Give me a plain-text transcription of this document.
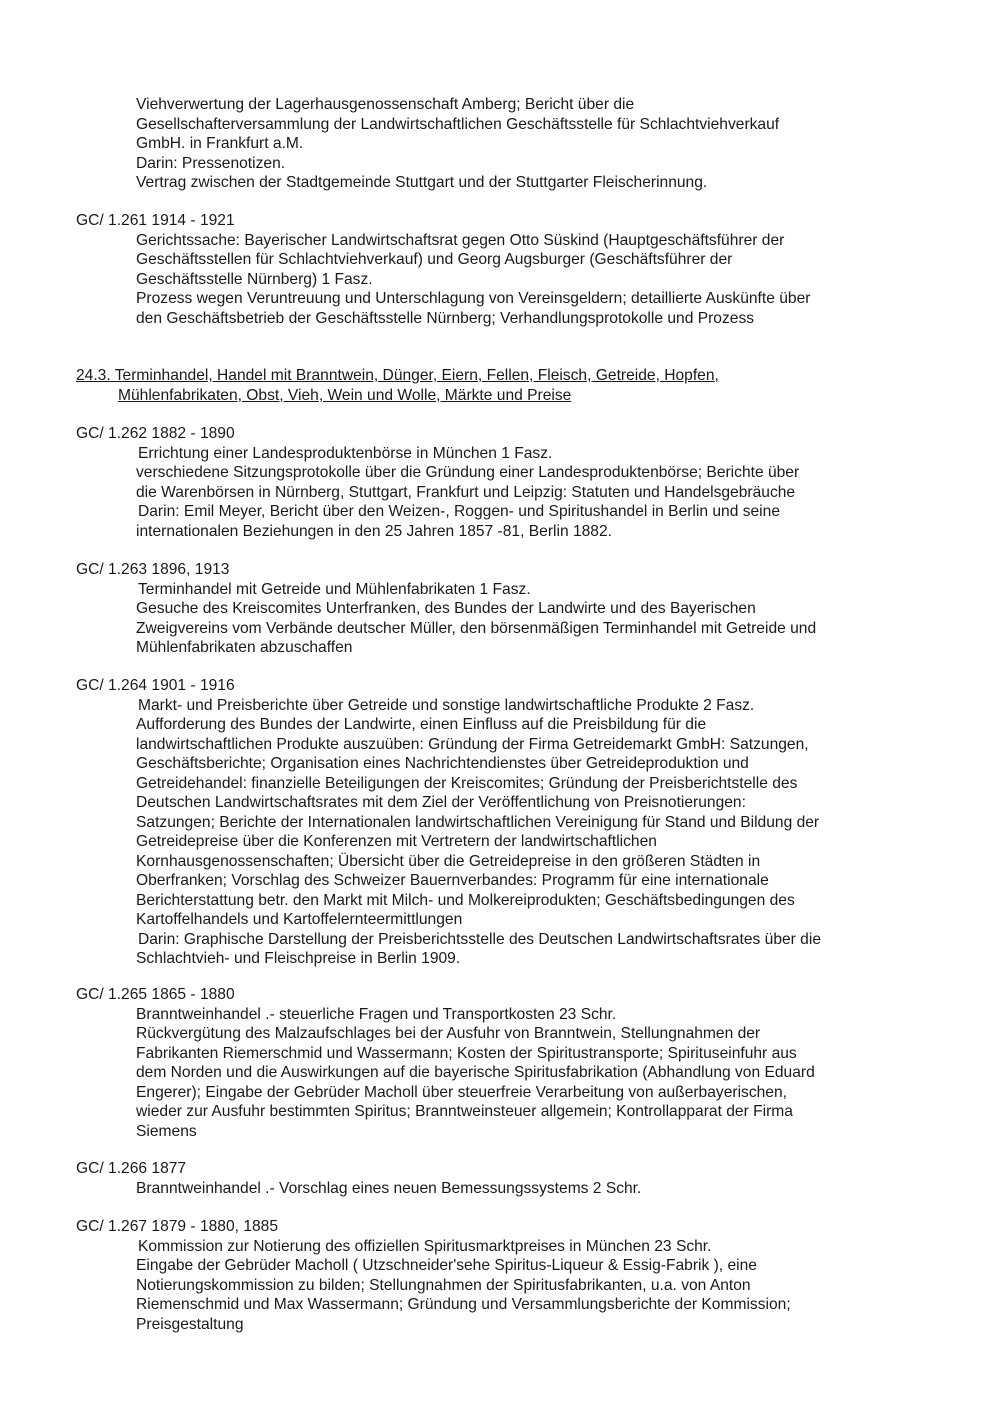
Viehverwertung der Lagerhausgenossenschaft Amberg; Bericht über die
Gesellschafterversammlung der Landwirtschaftlichen Geschäftsstelle für Schlachtviehverkauf
GmbH. in Frankfurt a.M.
Darin: Pressenotizen.
Vertrag zwischen der Stadtgemeinde Stuttgart und der Stuttgarter Fleischerinnung.
GC/ 1.261 1914 - 1921
Gerichtssache: Bayerischer Landwirtschaftsrat gegen Otto Süskind (Hauptgeschäftsführer der
Geschäftsstellen für Schlachtviehverkauf) und Georg Augsburger (Geschäftsführer der
Geschäftsstelle Nürnberg) 1 Fasz.
Prozess wegen Veruntreuung und Unterschlagung von Vereinsgeldern; detaillierte Auskünfte über
den Geschäftsbetrieb der Geschäftsstelle Nürnberg; Verhandlungsprotokolle und Prozess
24.3. Terminhandel, Handel mit Branntwein, Dünger, Eiern, Fellen, Fleisch, Getreide, Hopfen,
Mühlenfabrikaten, Obst, Vieh, Wein und Wolle, Märkte und Preise
GC/ 1.262 1882 - 1890
Errichtung einer Landesproduktenbörse in München 1 Fasz.
verschiedene Sitzungsprotokolle über die Gründung einer Landesproduktenbörse; Berichte über
die Warenbörsen in Nürnberg, Stuttgart, Frankfurt und Leipzig: Statuten und Handelsgebräuche
Darin: Emil Meyer, Bericht über den Weizen-, Roggen- und Spiritushandel in Berlin und seine
internationalen Beziehungen in den 25 Jahren 1857 -81, Berlin 1882.
GC/ 1.263 1896, 1913
Terminhandel mit Getreide und Mühlenfabrikaten 1 Fasz.
Gesuche des Kreiscomites Unterfranken, des Bundes der Landwirte und des Bayerischen
Zweigvereins vom Verbände deutscher Müller, den börsenmäßigen Terminhandel mit Getreide und
Mühlenfabrikaten abzuschaffen
GC/ 1.264 1901 - 1916
Markt- und Preisberichte über Getreide und sonstige landwirtschaftliche Produkte 2 Fasz.
Aufforderung des Bundes der Landwirte, einen Einfluss auf die Preisbildung für die
landwirtschaftlichen Produkte auszuüben: Gründung der Firma Getreidemarkt GmbH: Satzungen,
Geschäftsberichte; Organisation eines Nachrichtendienstes über Getreideproduktion und
Getreidehandel: finanzielle Beteiligungen der Kreiscomites; Gründung der Preisberichtstelle des
Deutschen Landwirtschaftsrates mit dem Ziel der Veröffentlichung von Preisnotierungen:
Satzungen; Berichte der Internationalen landwirtschaftlichen Vereinigung für Stand und Bildung der
Getreidepreise über die Konferenzen mit Vertretern der landwirtschaftlichen
Kornhausgenossenschaften; Übersicht über die Getreidepreise in den größeren Städten in
Oberfranken; Vorschlag des Schweizer Bauernverbandes: Programm für eine internationale
Berichterstattung betr. den Markt mit Milch- und Molkereiprodukten; Geschäftsbedingungen des
Kartoffelhandels und Kartoffelernteermittlungen
Darin: Graphische Darstellung der Preisberichtsstelle des Deutschen Landwirtschaftsrates über die
Schlachtvieh- und Fleischpreise in Berlin 1909.
GC/ 1.265 1865 - 1880
Branntweinhandel .- steuerliche Fragen und Transportkosten 23 Schr.
Rückvergütung des Malzaufschlages bei der Ausfuhr von Branntwein, Stellungnahmen der
Fabrikanten Riemerschmid und Wassermann; Kosten der Spiritustransporte; Spirituseinfuhr aus
dem Norden und die Auswirkungen auf die bayerische Spiritusfabrikation (Abhandlung von Eduard
Engerer); Eingabe der Gebrüder Macholl über steuerfreie Verarbeitung von außerbayerischen,
wieder zur Ausfuhr bestimmten Spiritus; Branntweinsteuer allgemein; Kontrollapparat der Firma
Siemens
GC/ 1.266 1877
Branntweinhandel .- Vorschlag eines neuen Bemessungssystems 2 Schr.
GC/ 1.267 1879 - 1880, 1885
Kommission zur Notierung des offiziellen Spiritusmarktpreises in München 23 Schr.
Eingabe der Gebrüder Macholl ( Utzschneider'sehe Spiritus-Liqueur & Essig-Fabrik ), eine
Notierungskommission zu bilden; Stellungnahmen der Spiritusfabrikanten, u.a. von Anton
Riemenschmid und Max Wassermann; Gründung und Versammlungsberichte der Kommission;
Preisgestaltung
